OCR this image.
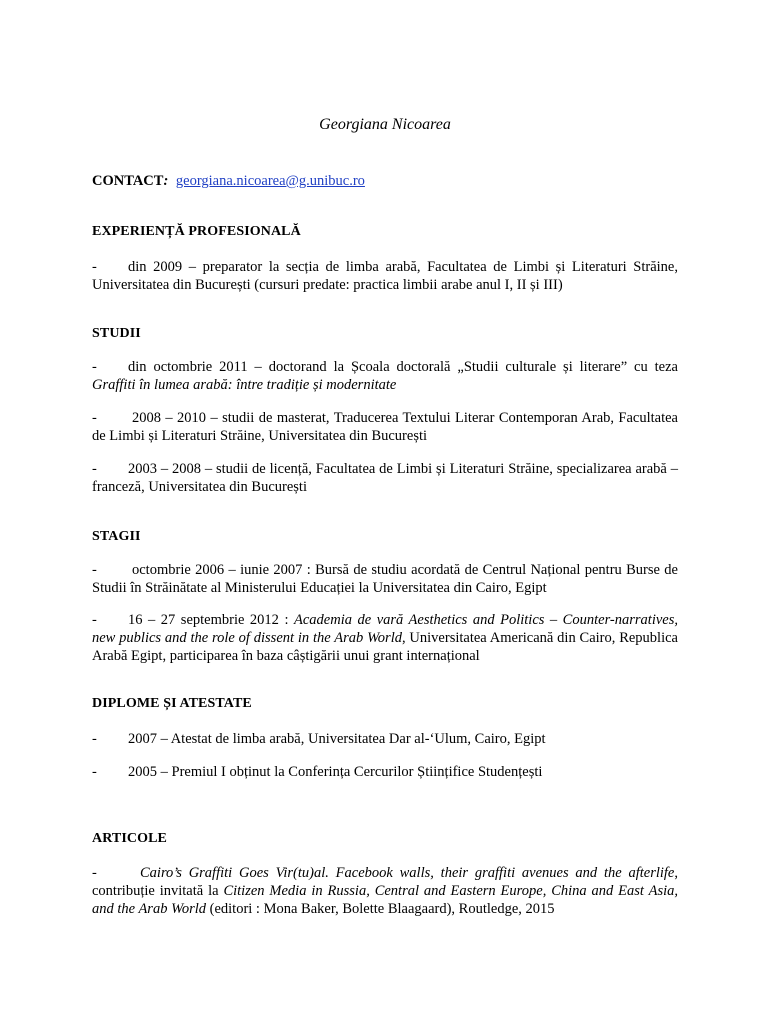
Georgiana Nicoarea

CONTACT: georgiana.nicoarea@g.unibuc.ro

EXPERIENȚĂ PROFESIONALĂ

- din 2009 – preparator la secția de limba arabă, Facultatea de Limbi și Literaturi Străine, Universitatea din București (cursuri predate: practica limbii arabe anul I, II și III)

STUDII

- din octombrie 2011 – doctorand la Școala doctorală „Studii culturale și literare” cu teza Graffiti în lumea arabă: între tradiție și modernitate

- 2008 – 2010 – studii de masterat, Traducerea Textului Literar Contemporan Arab, Facultatea de Limbi și Literaturi Străine, Universitatea din București

- 2003 – 2008 – studii de licență, Facultatea de Limbi și Literaturi Străine, specializarea arabă – franceză, Universitatea din București

STAGII

- octombrie 2006 – iunie 2007 : Bursă de studiu acordată de Centrul Național pentru Burse de Studii în Străinătate al Ministerului Educației la Universitatea din Cairo, Egipt

- 16 – 27 septembrie 2012 : Academia de vară Aesthetics and Politics – Counter-narratives, new publics and the role of dissent in the Arab World, Universitatea Americană din Cairo, Republica Arabă Egipt, participarea în baza câștigării unui grant internațional

DIPLOME ȘI ATESTATE

- 2007 – Atestat de limba arabă, Universitatea Dar al-‘Ulum, Cairo, Egipt

- 2005 – Premiul I obținut la Conferința Cercurilor Științifice Studențești

ARTICOLE

-	Cairo’s Graffiti Goes Vir(tu)al. Facebook walls, their graffiti avenues and the afterlife, contribuție invitată la Citizen Media in Russia, Central and Eastern Europe, China and East Asia, and the Arab World (editori : Mona Baker, Bolette Blaagaard), Routledge, 2015
